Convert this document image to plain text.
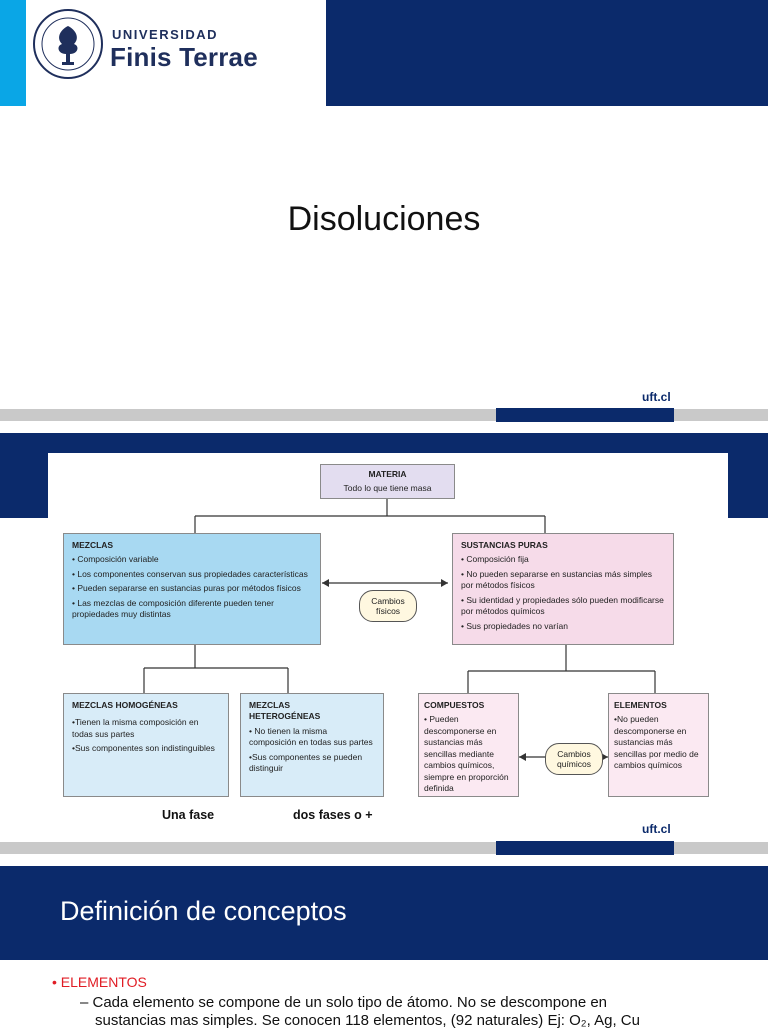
UNIVERSIDAD
Finis Terrae
Disoluciones
uft.cl
MATERIA
Todo lo que tiene masa
MEZCLAS
• Composición variable
• Los componentes conservan sus propiedades características
• Pueden separarse en sustancias puras por métodos físicos
• Las mezclas de composición diferente pueden tener propiedades muy distintas
SUSTANCIAS PURAS
• Composición fija
• No pueden separarse en sustancias más simples por métodos físicos
• Su identidad y propiedades sólo pueden modificarse por métodos químicos
• Sus propiedades no varían
Cambios físicos
MEZCLAS HOMOGÉNEAS
•Tienen la misma composición en todas sus partes
•Sus componentes son indistinguibles
MEZCLAS HETEROGÉNEAS
• No tienen la misma composición en todas sus partes
•Sus componentes se pueden distinguir
COMPUESTOS
• Pueden descomponerse en sustancias más sencillas mediante cambios químicos, siempre en proporción definida
ELEMENTOS
•No pueden descomponerse en sustancias más sencillas por medio de cambios químicos
Cambios químicos
Una fase	dos fases o +
uft.cl
Definición de conceptos
• ELEMENTOS
– Cada elemento se compone de un solo tipo de átomo. No se descompone en
sustancias mas simples. Se conocen 118 elementos, (92 naturales) Ej: O₂, Ag, Cu
